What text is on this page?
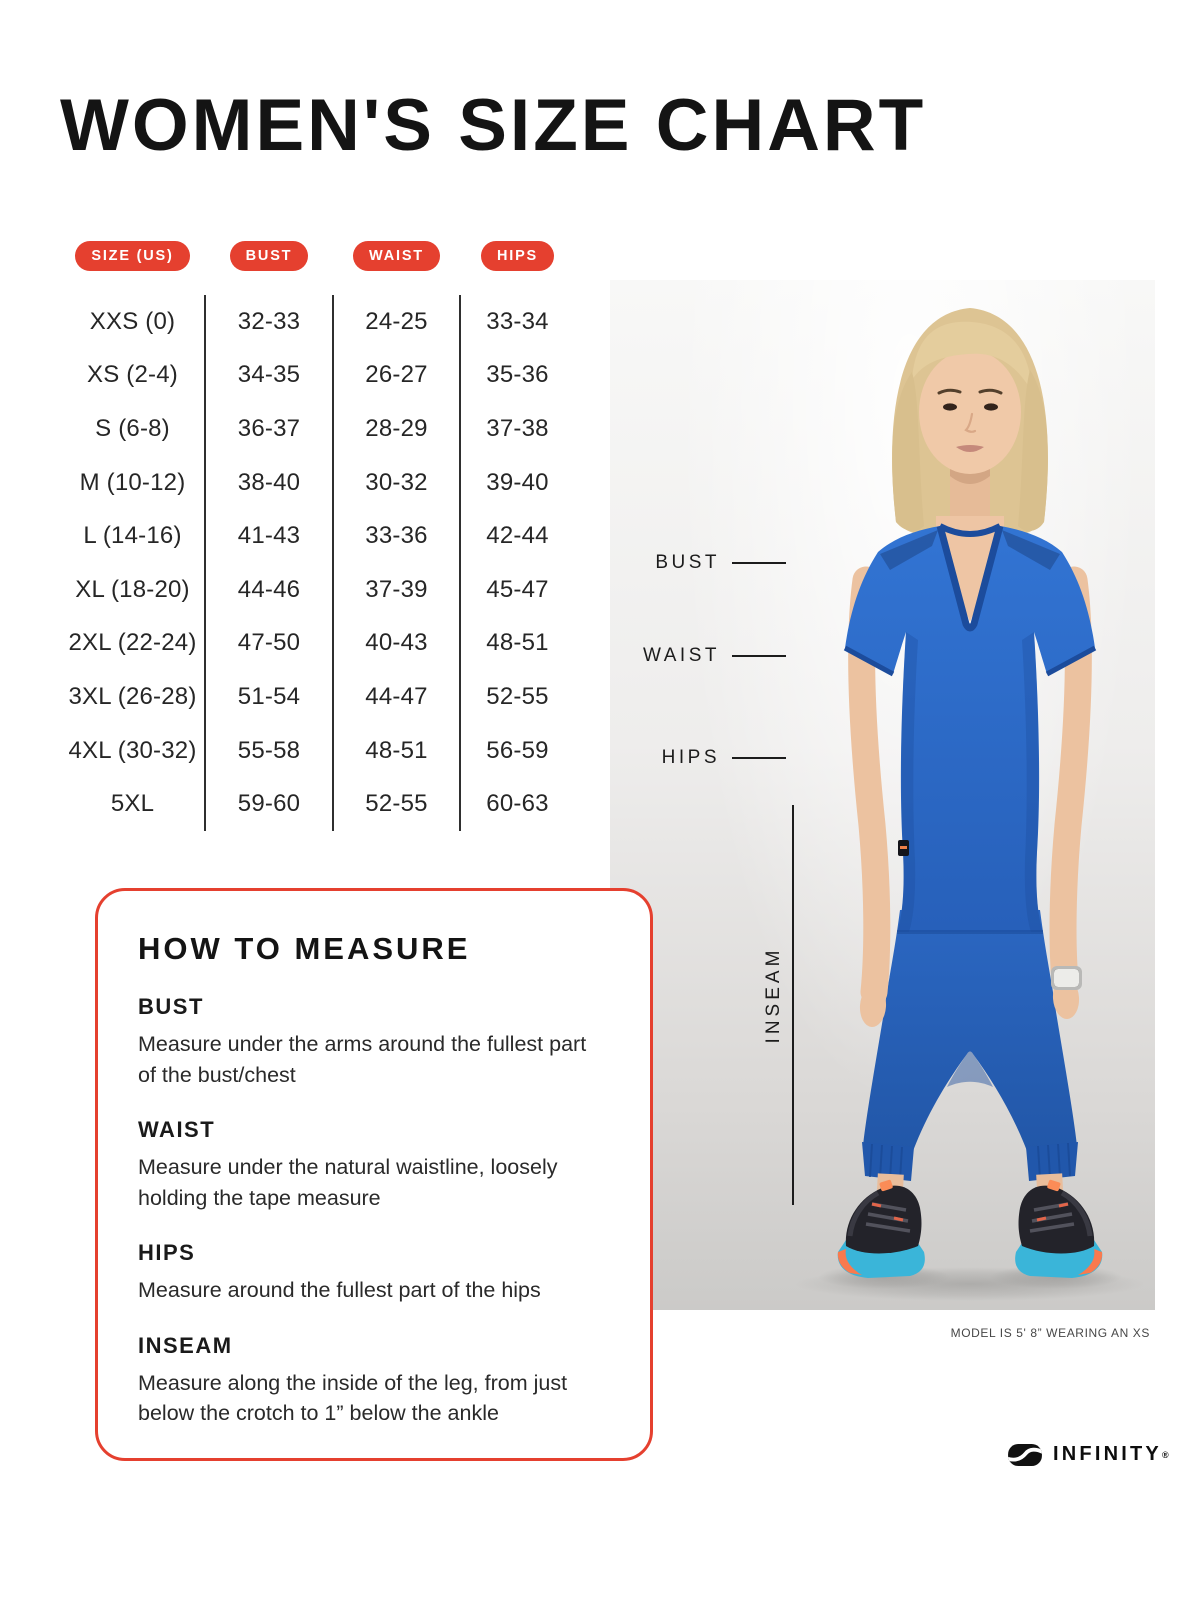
WOMEN'S SIZE CHART
SIZE (US)	BUST	WAIST	HIPS
XXS (0)	32-33	24-25	33-34
XS (2-4)	34-35	26-27	35-36
S (6-8)	36-37	28-29	37-38
M (10-12)	38-40	30-32	39-40
L (14-16)	41-43	33-36	42-44
XL (18-20)	44-46	37-39	45-47
2XL (22-24)	47-50	40-43	48-51
3XL (26-28)	51-54	44-47	52-55
4XL (30-32)	55-58	48-51	56-59
5XL	59-60	52-55	60-63
BUST
WAIST
HIPS
INSEAM
MODEL IS 5' 8” WEARING AN XS
HOW TO MEASURE
BUST
Measure under the arms around the fullest part of the bust/chest
WAIST
Measure under the natural waistline, loosely holding the tape measure
HIPS
Measure around the fullest part of the hips
INSEAM
Measure along the inside of the leg, from just below the crotch to 1” below the ankle
INFINITY®
